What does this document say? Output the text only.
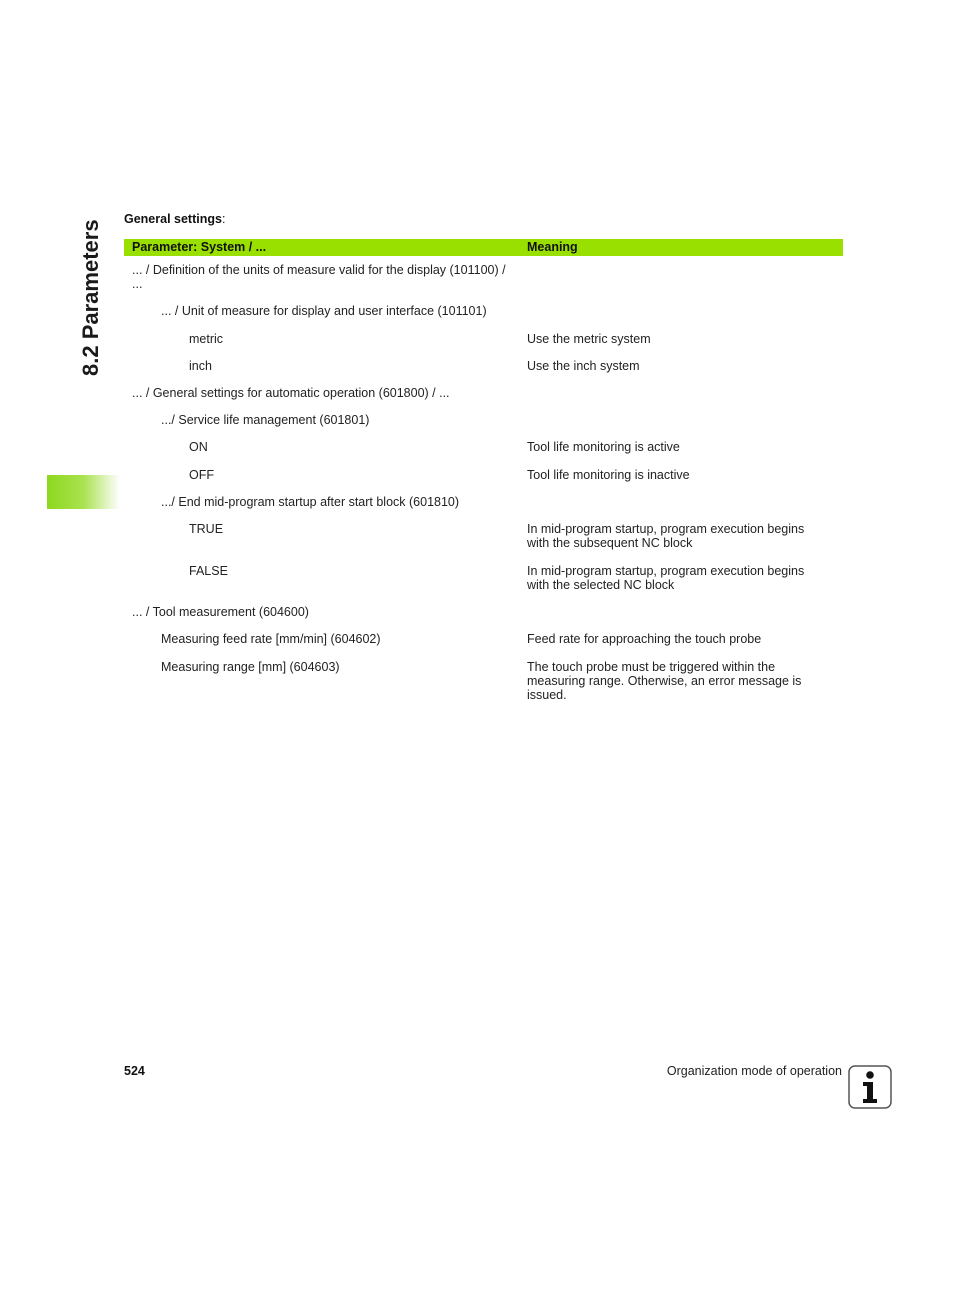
8.2 Parameters
General settings:
Parameter: System / ...	Meaning
... / Definition of the units of measure valid for the display (101100) / ...
... / Unit of measure for display and user interface (101101)
metric	Use the metric system
inch	Use the inch system
... / General settings for automatic operation (601800) / ...
.../ Service life management (601801)
ON	Tool life monitoring is active
OFF	Tool life monitoring is inactive
.../ End mid-program startup after start block (601810)
TRUE	In mid-program startup, program execution begins with the subsequent NC block
FALSE	In mid-program startup, program execution begins with the selected NC block
... / Tool measurement (604600)
Measuring feed rate [mm/min] (604602)	Feed rate for approaching the touch probe
Measuring range [mm] (604603)	The touch probe must be triggered within the measuring range. Otherwise, an error message is issued.
524	Organization mode of operation
